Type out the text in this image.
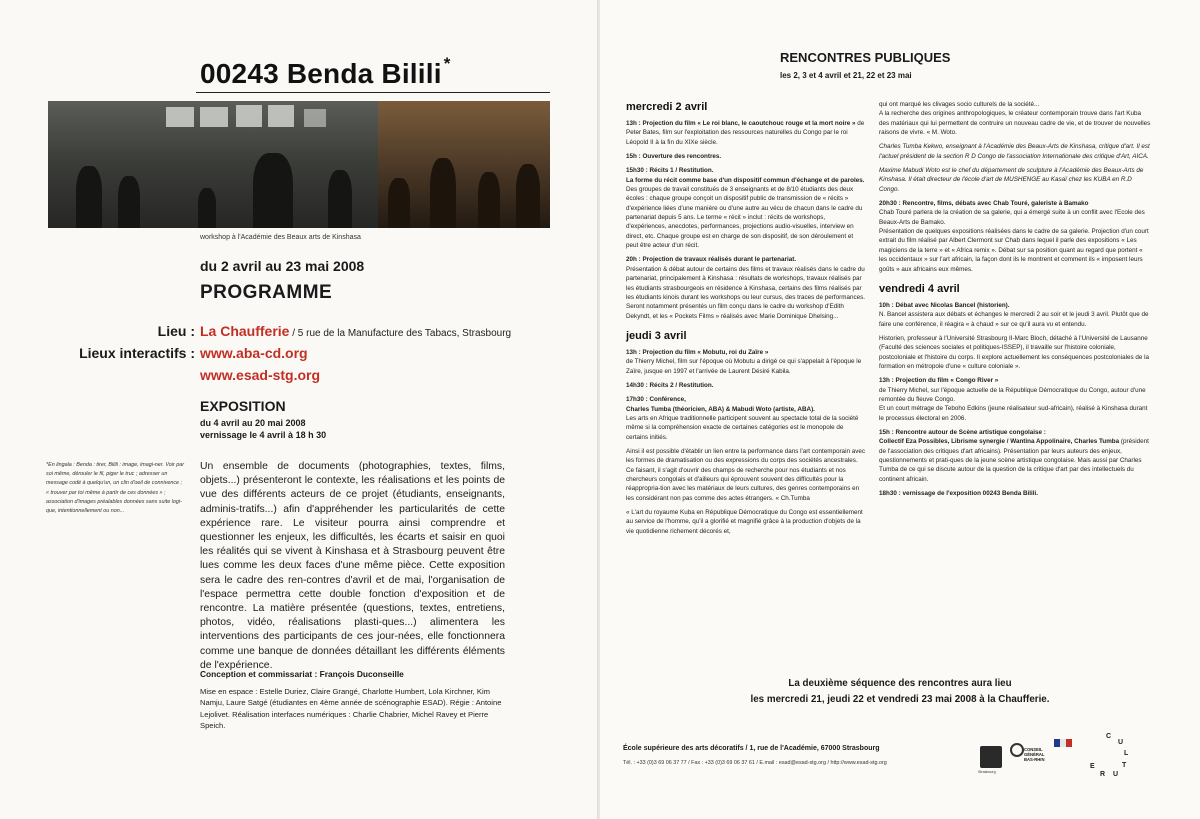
00243 Benda Bilili *
workshop à l'Académie des Beaux arts de Kinshasa
du 2 avril au 23 mai 2008
PROGRAMME
Lieu : La Chaufferie / 5 rue de la Manufacture des Tabacs, Strasbourg
Lieux interactifs : www.aba-cd.org
www.esad-stg.org
EXPOSITION
du 4 avril au 20 mai 2008
vernissage le 4 avril à 18 h 30
*En lingala : Benda : tirer, Bilili : image, imagi-ner. Voir par soi même, dérouler le fil, piger le truc ; adresser un message codé à quelqu'un, un clin d'oeil de connivence ; « trouver par toi même à partir de ces données » ; association d'images préalables données sans suite logi-que, intentionnellement ou non...
Un ensemble de documents (photographies, textes, films, objets...) présenteront le contexte, les réalisations et les points de vue des différents acteurs de ce projet (étudiants, enseignants, adminis-tratifs...) afin d'appréhender les particularités de cette expérience rare. Le visiteur pourra ainsi comprendre et questionner les enjeux, les difficultés, les écarts et saisir en quoi les réalités qui se vivent à Kinshasa et à Strasbourg peuvent être lues comme les deux faces d'une même pièce. Cette exposition sera le cadre des ren-contres d'avril et de mai, l'organisation de l'espace permettra cette double fonction d'exposition et de rencontre. La matière présentée (questions, textes, entretiens, photos, vidéo, réalisations plasti-ques...) alimentera les interventions des participants de ces jour-nées, elle fonctionnera comme une banque de données détaillant les différents éléments de l'expérience.
Conception et commissariat : François Duconseille
Mise en espace : Estelle Duriez, Claire Grangé, Charlotte Humbert, Lola Kirchner, Kim Namju, Laure Satgé (étudiantes en 4ème année de scénographie ESAD). Régie : Antoine Lejolivet. Réalisation interfaces numériques : Charlie Chabrier, Michel Ravey et Pierre Speich.
RENCONTRES PUBLIQUES
les 2, 3 et 4 avril et 21, 22 et 23 mai
mercredi 2 avril
13h : Projection du film « Le roi blanc, le caoutchouc rouge et la mort noire » de Peter Bates, film sur l'exploitation des ressources naturelles du Congo par le roi Léopold II à la fin du XIXe siècle.
15h : Ouverture des rencontres.
15h30 : Récits 1 / Restitution.
La forme du récit comme base d'un dispositif commun d'échange et de paroles.
Des groupes de travail constitués de 3 enseignants et de 8/10 étudiants des deux écoles : chaque groupe conçoit un dispositif public de transmission de « récits » d'expérience liées d'une manière ou d'une autre au vécu de chacun dans le cadre du partenariat depuis 5 ans. Le terme « récit » inclut : récits de workshops, d'expériences, anecdotes, performances, projections audio-visuelles, interview en direct, etc. Chaque groupe est en charge de son dispositif, de son déroulement et peut être acteur d'un récit.
20h : Projection de travaux réalisés durant le partenariat.
Présentation & débat autour de certains des films et travaux réalisés dans le cadre du partenariat, principalement à Kinshasa : résultats de workshops, travaux réalisés par les étudiants strasbourgeois en résidence à Kinshasa, certains des films réalisés par les étudiants kinois durant les workshops ou leur cursus, des traces de performances. Seront notamment présentés un film conçu dans le cadre du workshop d'Edith Dekyndt, et les « Pockets Films » réalisés avec Marie Dominique Dhelsing...
jeudi 3 avril
13h : Projection du film « Mobutu, roi du Zaïre »
de Thierry Michel, film sur l'époque où Mobutu a dirigé ce qui s'appelait à l'époque le Zaïre, jusque en 1997 et l'arrivée de Laurent Désiré Kabila.
14h30 : Récits 2 / Restitution.
17h30 : Conférence,
Charles Tumba (théoricien, ABA) & Mabudi Woto (artiste, ABA).
Les arts en Afrique traditionnelle participent souvent au spectacle total de la société même si la compréhension exacte de certaines catégories est le monopole de certains initiés.
Ainsi il est possible d'établir un lien entre la performance dans l'art contemporain avec les formes de dramatisation ou des expressions du corps des sociétés ancestrales. Ce faisant, il s'agit d'ouvrir des champs de recherche pour nos étudiants et nos chercheurs congolais et d'ailleurs qui éprouvent souvent des difficultés pour la réappropria-tion avec les matériaux de leurs cultures, des genres contemporains en les considérant non pas comme des actes étrangers. « Ch.Tumba
« L'art du royaume Kuba en République Démocratique du Congo est essentiellement au service de l'homme, qu'il a glorifié et magnifié grâce à la production d'objets de la vie quotidienne richement décorés et,
qui ont marqué les clivages socio culturels de la société...
A la recherche des origines anthropologiques, le créateur contemporain trouve dans l'art Kuba des matériaux qui lui permettent de contruire un nouveau cadre de vie, et de trouver de nouvelles raisons de vivre. « M. Woto.
Charles Tumba Kekwo, enseignant à l'Académie des Beaux-Arts de Kinshasa, critique d'art. Il est l'actuel président de la section R D Congo de l'association Internationale des critique d'Art, AICA.
Maxime Mabudi Woto est le chef du département de sculpture à l'Académie des Beaux-Arts de Kinshasa. Il était directeur de l'école d'art de MUSHENGE au Kasaï chez les KUBA en R.D Congo.
20h30 : Rencontre, films, débats avec Chab Touré, galeriste à Bamako
Chab Touré parlera de la création de sa galerie, qui a émergé suite à un conflit avec l'Ecole des Beaux-Arts de Bamako.
Présentation de quelques expositions réalisées dans le cadre de sa galerie. Projection d'un court extrait du film réalisé par Albert Clermont sur Chab dans lequel il parle des expositions « Les magiciens de la terre » et « Africa remix ». Débat sur sa position quant au regard que portent « les occidentaux » sur l'art africain, la façon dont ils le montrent et comment ils « imposent leurs goûts » aux africains eux mêmes.
vendredi 4 avril
10h : Débat avec Nicolas Bancel (historien).
N. Bancel assistera aux débats et échanges le mercredi 2 au soir et le jeudi 3 avril. Plutôt que de faire une conférence, il réagira « à chaud » sur ce qu'il aura vu et entendu.
Historien, professeur à l'Université Strasbourg II-Marc Bloch, détaché à l'Université de Lausanne (Faculté des sciences sociales et politiques-ISSEP), il travaille sur l'histoire coloniale, postcoloniale et l'histoire du corps. Il explore actuellement les conséquences postcoloniales de la formation en métropole d'une « culture coloniale ».
13h : Projection du film « Congo River »
de Thierry Michel, sur l'époque actuelle de la République Démocratique du Congo, autour d'une remontée du fleuve Congo.
Et un court métrage de Teboho Edkins (jeune réalisateur sud-africain), réalisé à Kinshasa durant le processus électoral en 2006.
15h : Rencontre autour de Scène artistique congolaise :
Collectif Eza Possibles, Librisme synergie / Wantina Appolinaire, Charles Tumba (président de l'association des critiques d'art africains). Présentation par leurs auteurs des enjeux, questionnements et prati-ques de la jeune scène artistique congolaise. Mais aussi par Charles Tumba de ce qui se discute autour de la question de la critique d'art par des intellectuels du continent africain.
18h30 : vernissage de l'exposition 00243 Benda Bilili.
La deuxième séquence des rencontres aura lieu
les mercredi 21, jeudi 22 et vendredi 23 mai 2008 à la Chaufferie.
École supérieure des arts décoratifs / 1, rue de l'Académie, 67000 Strasbourg
Tél. : +33 (0)3 69 06 37 77 / Fax : +33 (0)3 69 06 37 61 / E.mail : esad@esad-stg.org / http://www.esad-stg.org
Strasbourg
CONSEIL GÉNÉRAL
BAS-RHIN
C
U
L
T
U
R
E
